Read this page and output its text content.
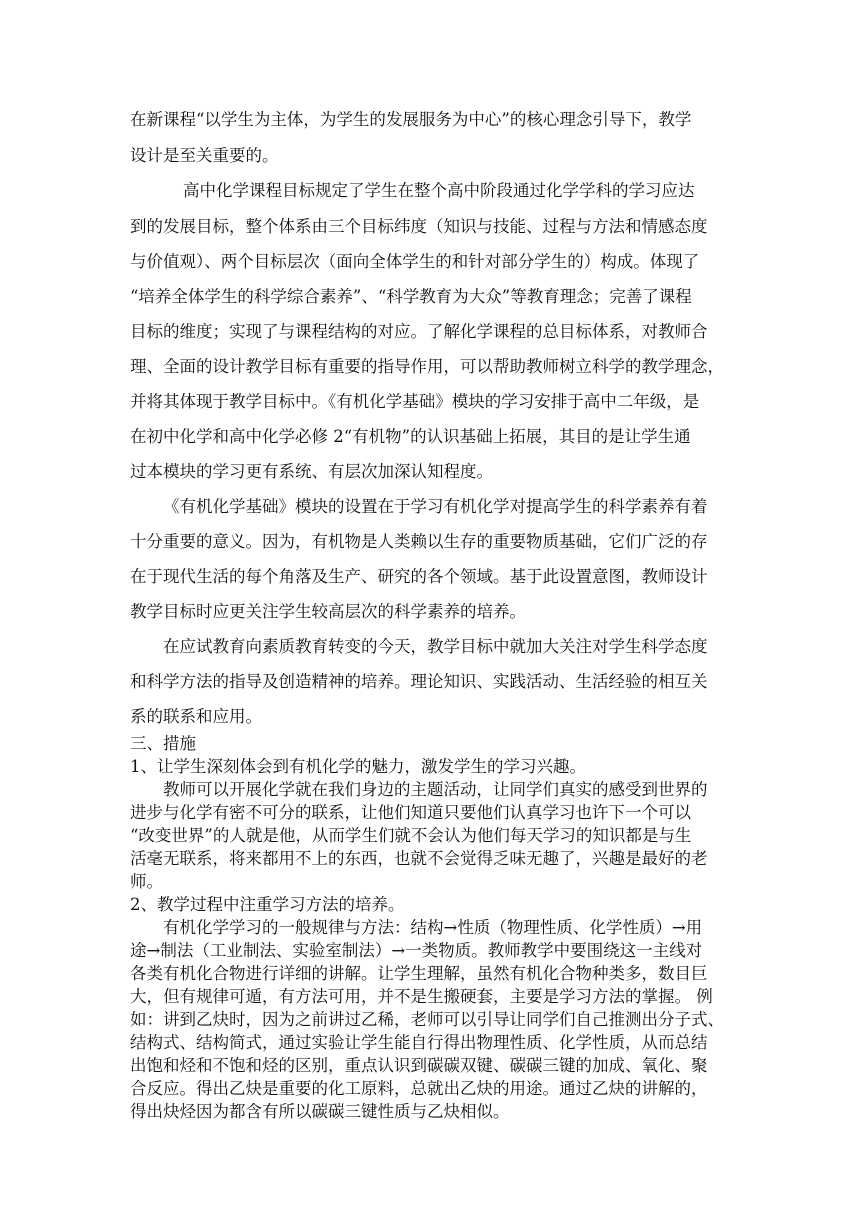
在新课程“以学生为主体，为学生的发展服务为中心”的核心理念引导下，教学

设计是至关重要的。

高中化学课程目标规定了学生在整个高中阶段通过化学学科的学习应达

到的发展目标，整个体系由三个目标纬度（知识与技能、过程与方法和情感态度

与价值观）、两个目标层次（面向全体学生的和针对部分学生的）构成。体现了

“培养全体学生的科学综合素养”、“科学教育为大众”等教育理念；完善了课程

目标的维度；实现了与课程结构的对应。了解化学课程的总目标体系，对教师合

理、全面的设计教学目标有重要的指导作用，可以帮助教师树立科学的教学理念，

并将其体现于教学目标中。《有机化学基础》模块的学习安排于高中二年级，是

在初中化学和高中化学必修 2“有机物”的认识基础上拓展，其目的是让学生通

过本模块的学习更有系统、有层次加深认知程度。

《有机化学基础》模块的设置在于学习有机化学对提高学生的科学素养有着

十分重要的意义。因为，有机物是人类赖以生存的重要物质基础，它们广泛的存

在于现代生活的每个角落及生产、研究的各个领域。基于此设置意图，教师设计

教学目标时应更关注学生较高层次的科学素养的培养。

在应试教育向素质教育转变的今天，教学目标中就加大关注对学生科学态度

和科学方法的指导及创造精神的培养。理论知识、实践活动、生活经验的相互关

系的联系和应用。

三、措施

1、让学生深刻体会到有机化学的魅力，激发学生的学习兴趣。

教师可以开展化学就在我们身边的主题活动，让同学们真实的感受到世界的

进步与化学有密不可分的联系，让他们知道只要他们认真学习也许下一个可以

“改变世界”的人就是他，从而学生们就不会认为他们每天学习的知识都是与生

活毫无联系，将来都用不上的东西，也就不会觉得乏味无趣了，兴趣是最好的老

师。

2、教学过程中注重学习方法的培养。

有机化学学习的一般规律与方法：结构→性质（物理性质、化学性质）→用

途→制法（工业制法、实验室制法）→一类物质。教师教学中要围绕这一主线对

各类有机化合物进行详细的讲解。让学生理解，虽然有机化合物种类多，数目巨

大，但有规律可遁，有方法可用，并不是生搬硬套，主要是学习方法的掌握。 例

如：讲到乙炔时，因为之前讲过乙稀，老师可以引导让同学们自己推测出分子式、

结构式、结构简式，通过实验让学生能自行得出物理性质、化学性质，从而总结

出饱和烃和不饱和烃的区别，重点认识到碳碳双键、碳碳三键的加成、氧化、聚

合反应。得出乙炔是重要的化工原料，总就出乙炔的用途。通过乙炔的讲解的，

得出炔烃因为都含有所以碳碳三键性质与乙炔相似。
